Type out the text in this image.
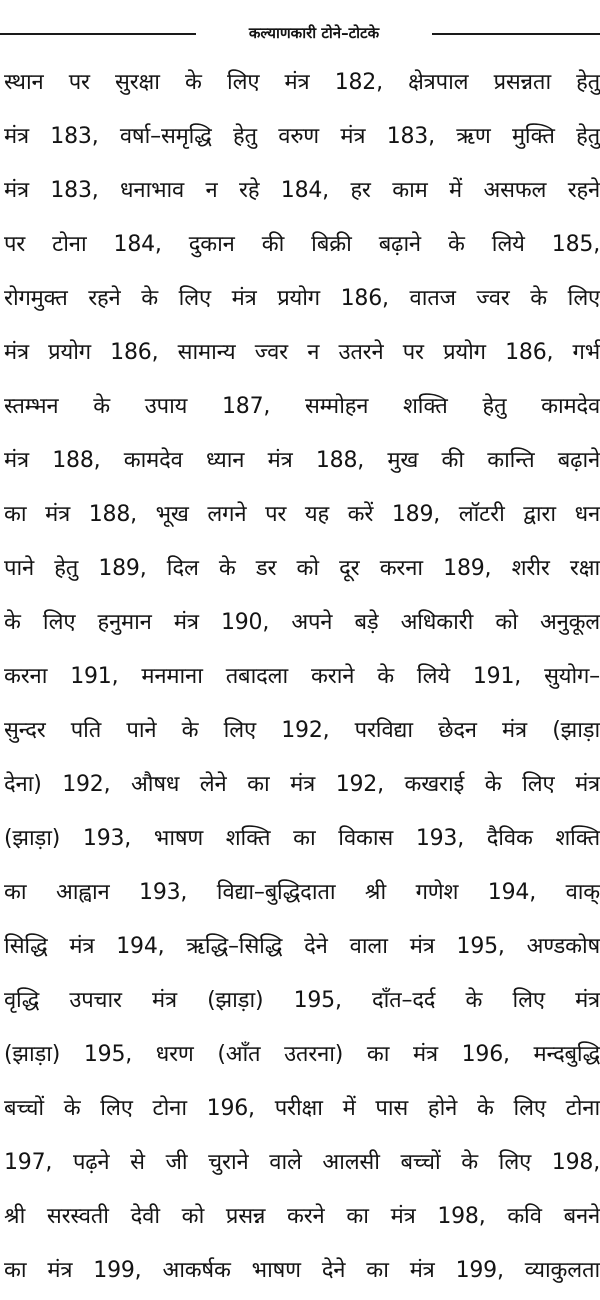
कल्याणकारी टोने–टोटके
स्थान पर सुरक्षा के लिए मंत्र 182, क्षेत्रपाल प्रसन्नता हेतु
मंत्र 183, वर्षा–समृद्धि हेतु वरुण मंत्र 183, ऋण मुक्ति हेतु
मंत्र 183, धनाभाव न रहे 184, हर काम में असफल रहने
पर टोना 184, दुकान की बिक्री बढ़ाने के लिये 185,
रोगमुक्त रहने के लिए मंत्र प्रयोग 186, वातज ज्वर के लिए
मंत्र प्रयोग 186, सामान्य ज्वर न उतरने पर प्रयोग 186, गर्भ
स्तम्भन के उपाय 187, सम्मोहन शक्ति हेतु कामदेव
मंत्र 188, कामदेव ध्यान मंत्र 188, मुख की कान्ति बढ़ाने
का मंत्र 188, भूख लगने पर यह करें 189, लॉटरी द्वारा धन
पाने हेतु 189, दिल के डर को दूर करना 189, शरीर रक्षा
के लिए हनुमान मंत्र 190, अपने बड़े अधिकारी को अनुकूल
करना 191, मनमाना तबादला कराने के लिये 191, सुयोग–
सुन्दर पति पाने के लिए 192, परविद्या छेदन मंत्र (झाड़ा
देना) 192, औषध लेने का मंत्र 192, कखराई के लिए मंत्र
(झाड़ा) 193, भाषण शक्ति का विकास 193, दैविक शक्ति
का आह्वान 193, विद्या–बुद्धिदाता श्री गणेश 194, वाक्
सिद्धि मंत्र 194, ऋद्धि–सिद्धि देने वाला मंत्र 195, अण्डकोष
वृद्धि उपचार मंत्र (झाड़ा) 195, दाँत–दर्द के लिए मंत्र
(झाड़ा) 195, धरण (आँत उतरना) का मंत्र 196, मन्दबुद्धि
बच्चों के लिए टोना 196, परीक्षा में पास होने के लिए टोना
197, पढ़ने से जी चुराने वाले आलसी बच्चों के लिए 198,
श्री सरस्वती देवी को प्रसन्न करने का मंत्र 198, कवि बनने
का मंत्र 199, आकर्षक भाषण देने का मंत्र 199, व्याकुलता
